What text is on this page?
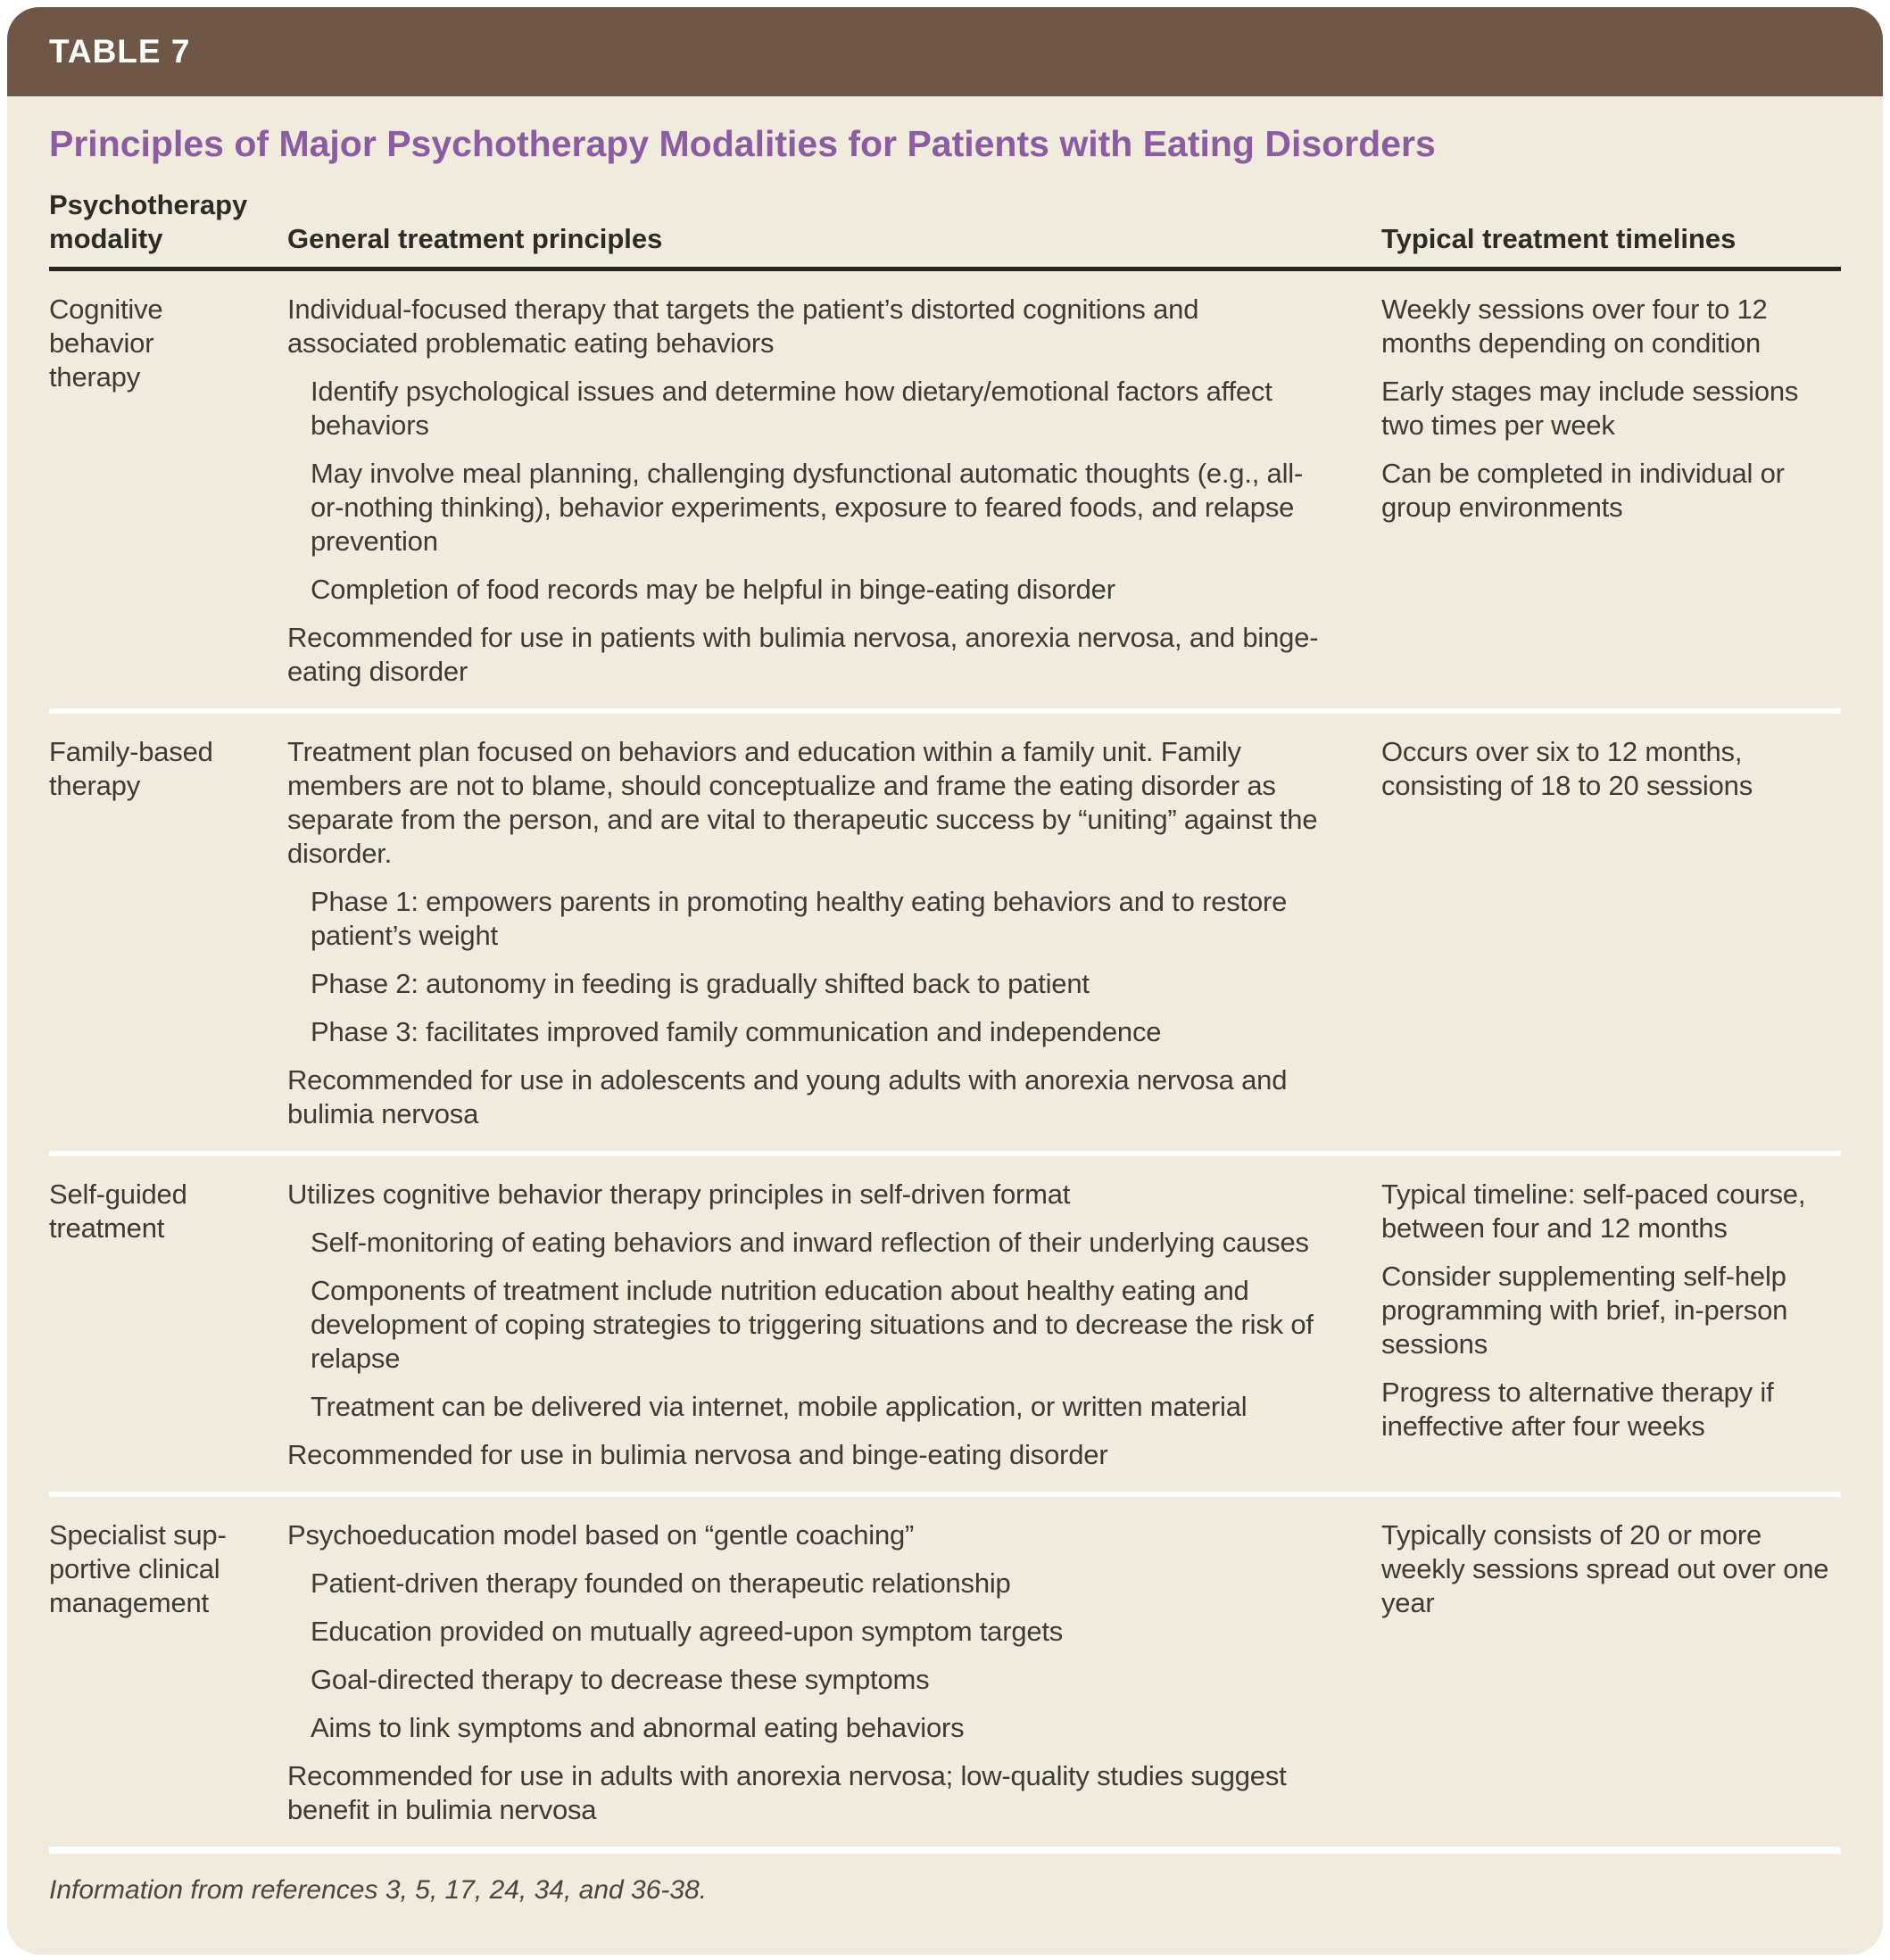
TABLE 7
Principles of Major Psychotherapy Modalities for Patients with Eating Disorders
Psychotherapy
modality	General treatment principles	Typical treatment timelines
Cognitive
behavior
therapy

Individual-focused therapy that targets the patient’s distorted cognitions and associated problematic eating behaviors

Identify psychological issues and determine how dietary/emotional factors affect behaviors

May involve meal planning, challenging dysfunctional automatic thoughts (e.g., all-or-nothing thinking), behavior experiments, exposure to feared foods, and relapse prevention

Completion of food records may be helpful in binge-eating disorder

Recommended for use in patients with bulimia nervosa, anorexia nervosa, and binge-eating disorder

Weekly sessions over four to 12 months depending on condition

Early stages may include sessions two times per week

Can be completed in individual or group environments

Family-based
therapy

Treatment plan focused on behaviors and education within a family unit. Family members are not to blame, should conceptualize and frame the eating disorder as separate from the person, and are vital to therapeutic success by “uniting” against the disorder.

Phase 1: empowers parents in promoting healthy eating behaviors and to restore patient’s weight

Phase 2: autonomy in feeding is gradually shifted back to patient

Phase 3: facilitates improved family communication and independence

Recommended for use in adolescents and young adults with anorexia nervosa and bulimia nervosa

Occurs over six to 12 months, consisting of 18 to 20 sessions

Self-guided
treatment

Utilizes cognitive behavior therapy principles in self-driven format

Self-monitoring of eating behaviors and inward reflection of their underlying causes

Components of treatment include nutrition education about healthy eating and development of coping strategies to triggering situations and to decrease the risk of relapse

Treatment can be delivered via internet, mobile application, or written material

Recommended for use in bulimia nervosa and binge-eating disorder

Typical timeline: self-paced course, between four and 12 months

Consider supplementing self-help programming with brief, in-person sessions

Progress to alternative therapy if ineffective after four weeks

Specialist sup-
portive clinical
management

Psychoeducation model based on “gentle coaching”

Patient-driven therapy founded on therapeutic relationship

Education provided on mutually agreed-upon symptom targets

Goal-directed therapy to decrease these symptoms

Aims to link symptoms and abnormal eating behaviors

Recommended for use in adults with anorexia nervosa; low-quality studies suggest benefit in bulimia nervosa

Typically consists of 20 or more weekly sessions spread out over one year

Information from references 3, 5, 17, 24, 34, and 36-38.
